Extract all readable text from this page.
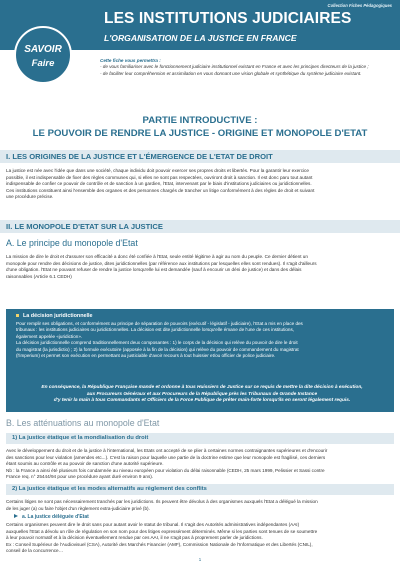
Collection Fiches Pédagogiques
LES INSTITUTIONS JUDICIAIRES
L'ORGANISATION DE LA JUSTICE EN FRANCE
SAVOIR
Faire	Cette fiche vous permettra :

- de vous familiariser avec le fonctionnement judiciaire institutionnel existant en France et avec les principes directeurs de la justice ;

- de faciliter leur compréhension et assimilation en vous donnant une vision globale et synthétique du système judiciaire existant.

PARTIE INTRODUCTIVE :
LE POUVOIR DE RENDRE LA JUSTICE - ORIGINE ET MONOPOLE D'ETAT
I. LES ORIGINES DE LA JUSTICE ET L'ÉMERGENCE DE L'ETAT DE DROIT

La justice est née avec l'idée que dans une société, chaque individu doit pouvoir exercer ses propres droits et libertés. Pour la garantir leur exercice

possible, il est indispensable de fixer des règles communes qui, si elles ne sont pas respectées, ouvriront droit à sanction. Il est donc paru tout autant

indispensable de confier ce pouvoir de contrôle et de sanction à un gardien, l'Etat, intervenant par le biais d'institutions judiciaires ou juridictionnelles.

Ces institutions constituent ainsi l'ensemble des organes et des personnes chargés de trancher un litige conformément à des règles de droit et suivant

une procédure précise.

II. LE MONOPOLE D'ETAT SUR LA JUSTICE
A. Le principe du monopole d'Etat

La mission de dire le droit et d'assurer son efficacité a donc été confiée à l'Etat, seule entité légitime à agir au nom du peuple. Ce dernier détient un

monopole pour rendre des décisions de justice, dites juridictionnelles (par référence aux institutions par lesquelles elles sont rendues). Il s'agit d'ailleurs

d'une obligation. l'Etat ne pouvant refuser de rendre la justice lorsqu'elle lui est demandée (sauf à encourir un déni de justice) et dans des délais

raisonnables (Article 6.1 CEDH)

La décision juridictionnelle

Pour remplir ses obligations, et conformément au principe de séparation de pouvoirs (exécutif - législatif - judiciaire), l'Etat a mis en place des

tribunaux : les institutions judiciaires ou juridictionnelles. La décision est dite juridictionnelle lorsqu'elle émane de l'une de ces institutions,

également appelée «juridiction».

La décision juridictionnelle comprend traditionnellement deux composantes : 1) le corps de la décision qui relève du pouvoir de dire le droit

du magistrat (la jurisdictio) ; 2) la formule exécutoire (apposée à la fin de la décision) qui relève du pouvoir de commandement du magistrat

(l'imperium) et permet son exécution en permettant au justiciable d'avoir recours à tout huissier et/ou officier de police judiciaire.

En conséquence, la République Française mande et ordonne à tous Huissiers de Justice sur ce requis de mettre la dite décision à exécution,

aux Procureurs Généraux et aux Procureurs de la République près les Tribunaux de Grande Instance

d'y tenir la main à tous Commandants et Officiers de la Force Publique de prêter main-forte lorsqu'ils en seront légalement requis.

B. Les atténuations au monopole d'Etat
1) La justice étatique et la mondialisation du droit

Avec le développement du droit et de la justice à l'international, les Etats ont accepté de se plier à certaines normes contraignantes supérieures et d'encourir

des sanctions pour leur violation (amendes etc...). C'est la raison pour laquelle une partie de la doctrine estime que leur monopole est fragilisé, ces derniers

étant soumis au contrôle et au pouvoir de sanction d'une autorité supérieure.

Nb : la France a ainsi été plusieurs fois condamnée au niveau européen pour violation du délai raisonnable (CEDH, 25 mars 1999, Pelissier et Sassi contre

France req. n° 25444/94 pour une procédure ayant duré environ 9 ans).

2) La justice étatique et les modes alternatifs au règlement des conflits

Certains litiges ne sont pas nécessairement tranchés par les juridictions. Ils peuvent être dévolus à des organismes auxquels l'Etat a délégué la mission

de les juger (a) ou faire l'objet d'un règlement extra-judiciaire privé (b).

a. La justice déléguée d'Etat

Certains organismes peuvent dire le droit sans pour autant avoir le statut de tribunal. Il s'agit des Autorités administratives indépendantes (AAI)

auxquelles l'Etat a dévolu un rôle de régulation en son nom pour des litiges expressément déterminés. Même si les parties sont tenues de se soumettre

à leur pouvoir normatif et à la décision éventuellement rendue par ces AAI, il ne s'agit pas à proprement parler de juridictions.

Ex : Conseil Supérieur de l'Audiovisuel (CSA), Autorité des Marchés Financier (AMF), Commission Nationale de l'Informatique et des Libertés (CNIL),

conseil de la concurrence…

1
